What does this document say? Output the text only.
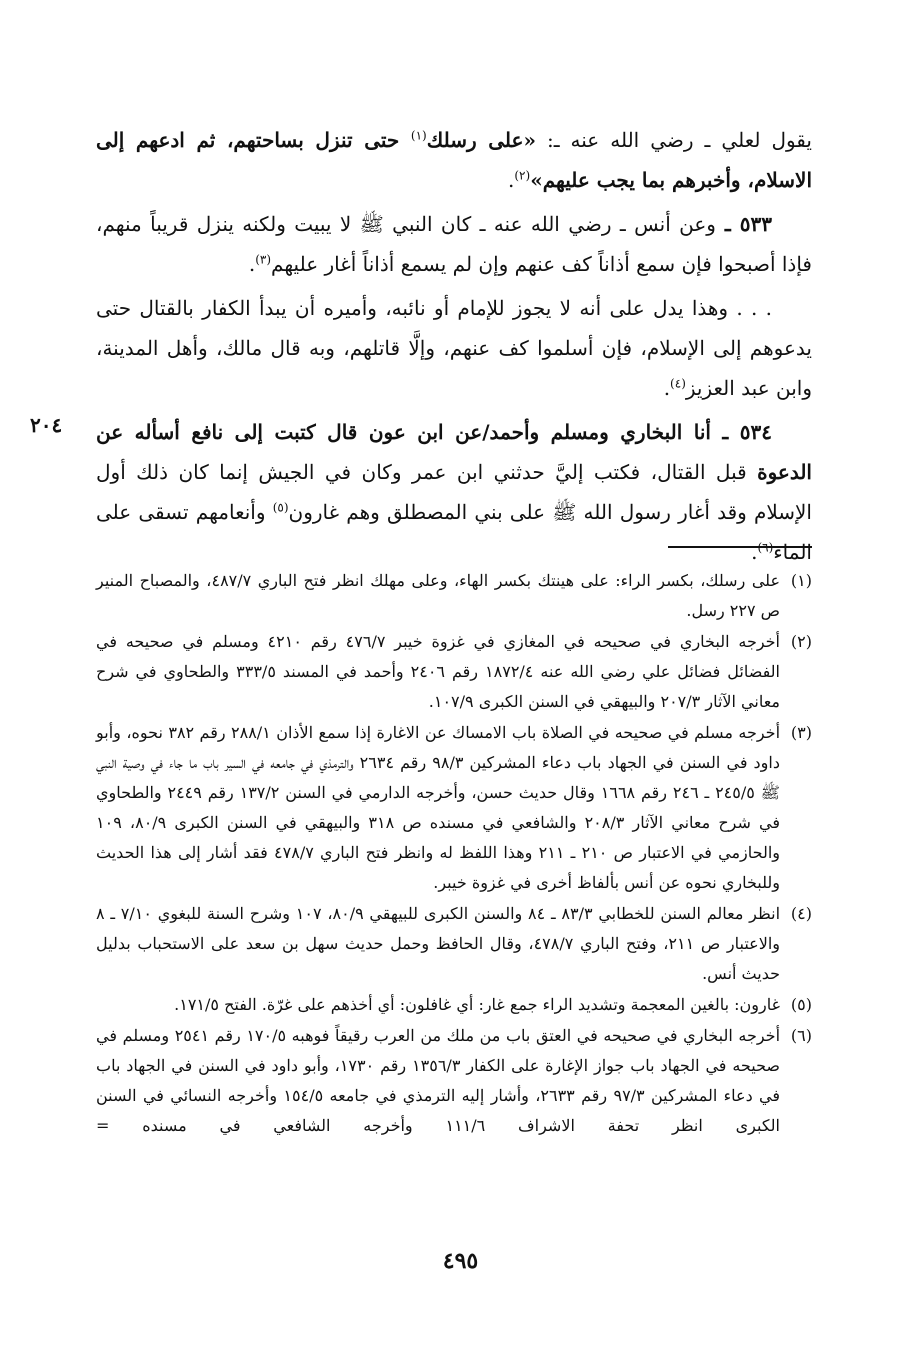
يقول لعلي ـ رضي الله عنه ـ: «على رسلك$^{(١)}$ حتى تنزل بساحتهم، ثم ادعهم إلى الاسلام، وأخبرهم بما يجب عليهم»$^{(٢)}$.

٥٣٣ ـ وعن أنس ـ رضي الله عنه ـ كان النبي ﷺ لا يبيت ولكنه ينزل قريباً منهم، فإذا أصبحوا فإن سمع أذاناً كف عنهم وإن لم يسمع أذاناً أغار عليهم$^{(٣)}$.

. . . وهذا يدل على أنه لا يجوز للإمام أو نائبه، وأميره أن يبدأ الكفار بالقتال حتى يدعوهم إلى الإسلام، فإن أسلموا كف عنهم، وإلَّا قاتلهم، وبه قال مالك، وأهل المدينة، وابن عبد العزيز$^{(٤)}$.

٥٣٤ ـ أنا البخاري ومسلم وأحمد/عن ابن عون قال كتبت إلى نافع أسأله عن الدعوة قبل القتال، فكتب إليَّ حدثني ابن عمر وكان في الجيش إنما كان ذلك أول الإسلام وقد أغار رسول الله ﷺ على بني المصطلق وهم غارون$^{(٥)}$ وأنعامهم تسقى على الماء$^{(٦)}$.

٢٠٤
(١)
على رسلك، بكسر الراء: على هينتك بكسر الهاء، وعلى مهلك انظر فتح الباري ٤٨٧/٧، والمصباح المنير ص ٢٢٧ رسل.
(٢)
أخرجه البخاري في صحيحه في المغازي في غزوة خيبر ٤٧٦/٧ رقم ٤٢١٠ ومسلم في صحيحه في الفضائل فضائل علي رضي الله عنه ١٨٧٢/٤ رقم ٢٤٠٦ وأحمد في المسند ٣٣٣/٥ والطحاوي في شرح معاني الآثار ٢٠٧/٣ والبيهقي في السنن الكبرى ١٠٧/٩.
(٣)
أخرجه مسلم في صحيحه في الصلاة باب الامساك عن الاغارة إذا سمع الأذان ٢٨٨/١ رقم ٣٨٢ نحوه، وأبو داود في السنن في الجهاد باب دعاء المشركين ٩٨/٣ رقم ٢٦٣٤ والترمذي في جامعه في السير باب ما جاء في وصية النبي ﷺ ٢٤٥/٥ ـ ٢٤٦ رقم ١٦٦٨ وقال حديث حسن، وأخرجه الدارمي في السنن ١٣٧/٢ رقم ٢٤٤٩ والطحاوي في شرح معاني الآثار ٢٠٨/٣ والشافعي في مسنده ص ٣١٨ والبيهقي في السنن الكبرى ٨٠/٩، ١٠٩ والحازمي في الاعتبار ص ٢١٠ ـ ٢١١ وهذا اللفظ له وانظر فتح الباري ٤٧٨/٧ فقد أشار إلى هذا الحديث وللبخاري نحوه عن أنس بألفاظ أخرى في غزوة خيبر.
(٤)
انظر معالم السنن للخطابي ٨٣/٣ ـ ٨٤ والسنن الكبرى للبيهقي ٨٠/٩، ١٠٧ وشرح السنة للبغوي ٧/١٠ ـ ٨ والاعتبار ص ٢١١، وفتح الباري ٤٧٨/٧، وقال الحافظ وحمل حديث سهل بن سعد على الاستحباب بدليل حديث أنس.
(٥)
غارون: بالغين المعجمة وتشديد الراء جمع غار: أي غافلون: أي أخذهم على غرّة. الفتح ١٧١/٥.
(٦)
أخرجه البخاري في صحيحه في العتق باب من ملك من العرب رقيقاً فوهبه ١٧٠/٥ رقم ٢٥٤١ ومسلم في صحيحه في الجهاد باب جواز الإغارة على الكفار ١٣٥٦/٣ رقم ١٧٣٠، وأبو داود في السنن في الجهاد باب في دعاء المشركين ٩٧/٣ رقم ٢٦٣٣، وأشار إليه الترمذي في جامعه ١٥٤/٥ وأخرجه النسائي في السنن الكبرى انظر تحفة الاشراف ١١١/٦ وأخرجه الشافعي في مسنده =
٤٩٥
